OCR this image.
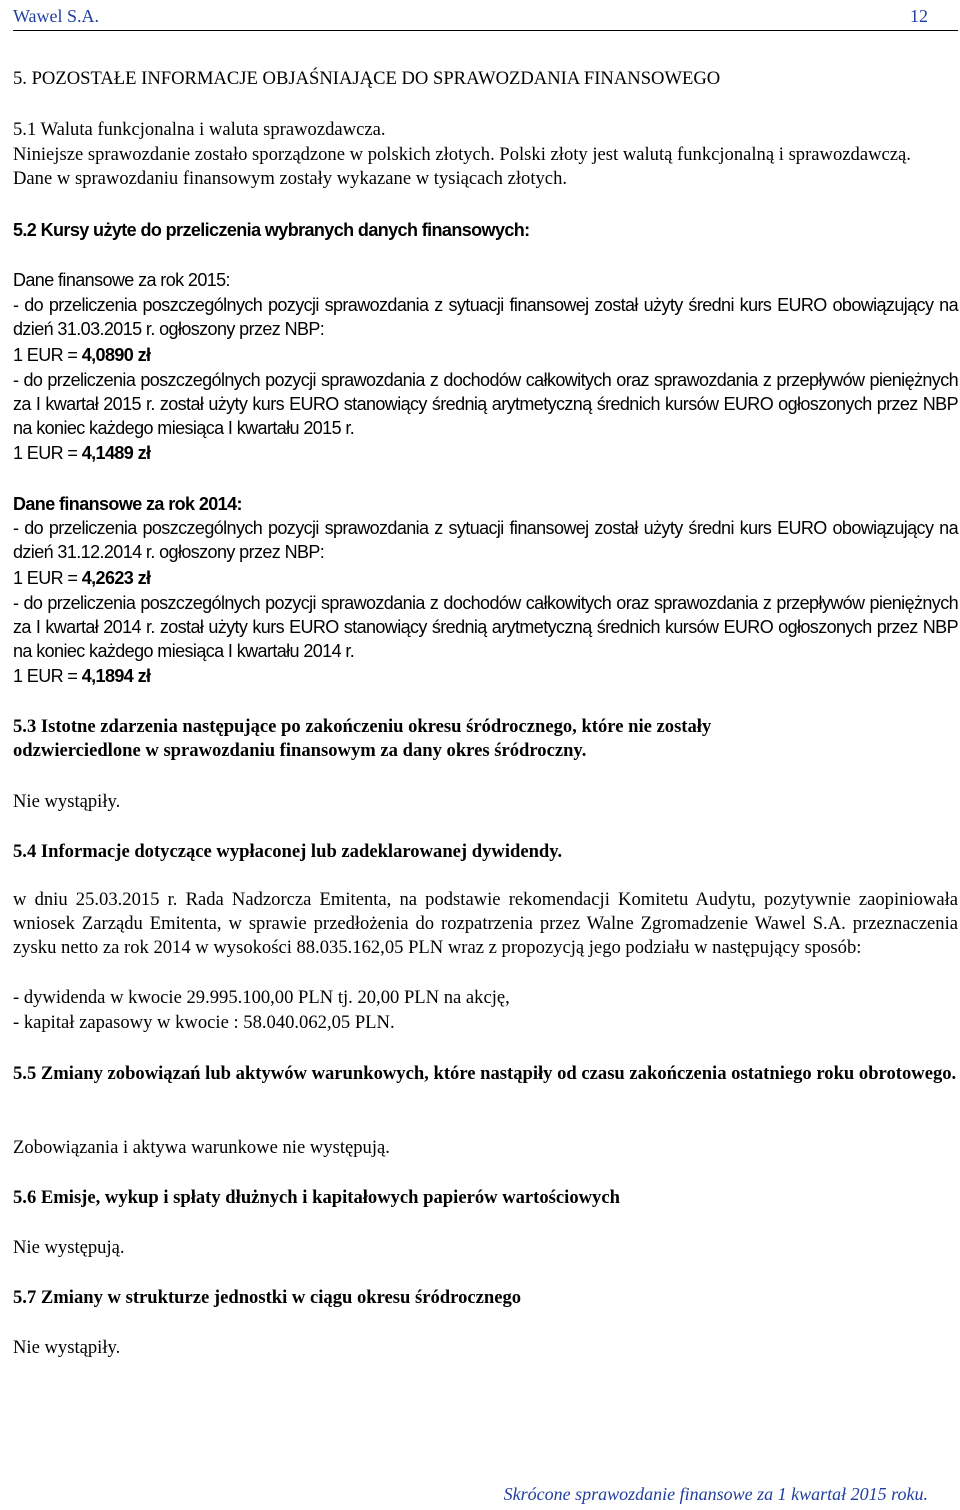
Wawel S.A.	12

5. POZOSTAŁE INFORMACJE OBJAŚNIAJĄCE DO SPRAWOZDANIA FINANSOWEGO

5.1 Waluta funkcjonalna i waluta sprawozdawcza.

Niniejsze sprawozdanie zostało sporządzone w polskich złotych. Polski złoty jest walutą funkcjonalną i sprawozdawczą. Dane w sprawozdaniu finansowym zostały wykazane w tysiącach złotych.

5.2 Kursy użyte do przeliczenia wybranych danych finansowych:

Dane finansowe za rok 2015:

- do przeliczenia poszczególnych pozycji sprawozdania z sytuacji finansowej został użyty średni kurs EURO obowiązujący na dzień 31.03.2015 r. ogłoszony przez NBP:

1 EUR = 4,0890 zł

- do przeliczenia poszczególnych pozycji sprawozdania z dochodów całkowitych oraz sprawozdania z przepływów pieniężnych za I kwartał 2015 r. został użyty kurs EURO stanowiący średnią arytmetyczną średnich kursów EURO ogłoszonych przez NBP na koniec każdego miesiąca I kwartału 2015 r.

1 EUR = 4,1489 zł

Dane finansowe za rok 2014:

- do przeliczenia poszczególnych pozycji sprawozdania z sytuacji finansowej został użyty średni kurs EURO obowiązujący na dzień 31.12.2014 r. ogłoszony przez NBP:

1 EUR = 4,2623 zł

- do przeliczenia poszczególnych pozycji sprawozdania z dochodów całkowitych oraz sprawozdania z przepływów pieniężnych za I kwartał 2014 r. został użyty kurs EURO stanowiący średnią arytmetyczną średnich kursów EURO ogłoszonych przez NBP na koniec każdego miesiąca I kwartału 2014 r.

1 EUR = 4,1894 zł

5.3 Istotne zdarzenia następujące po zakończeniu okresu śródrocznego, które nie zostały odzwierciedlone w sprawozdaniu finansowym za dany okres śródroczny.

Nie wystąpiły.

5.4 Informacje dotyczące wypłaconej lub zadeklarowanej dywidendy.

w dniu 25.03.2015 r. Rada Nadzorcza Emitenta, na podstawie rekomendacji Komitetu Audytu, pozytywnie zaopiniowała wniosek Zarządu Emitenta, w sprawie przedłożenia do rozpatrzenia przez Walne Zgromadzenie Wawel S.A. przeznaczenia zysku netto za rok 2014 w wysokości 88.035.162,05 PLN wraz z propozycją jego podziału w następujący sposób:

- dywidenda w kwocie 29.995.100,00 PLN tj. 20,00 PLN na akcję,

- kapitał zapasowy w kwocie : 58.040.062,05 PLN.

5.5 Zmiany zobowiązań lub aktywów warunkowych, które nastąpiły od czasu zakończenia ostatniego roku obrotowego.

Zobowiązania i aktywa warunkowe nie występują.

5.6 Emisje, wykup i spłaty dłużnych i kapitałowych papierów wartościowych

Nie występują.

5.7 Zmiany w strukturze jednostki w ciągu okresu śródrocznego

Nie wystąpiły.

Skrócone sprawozdanie finansowe za 1 kwartał 2015 roku.
